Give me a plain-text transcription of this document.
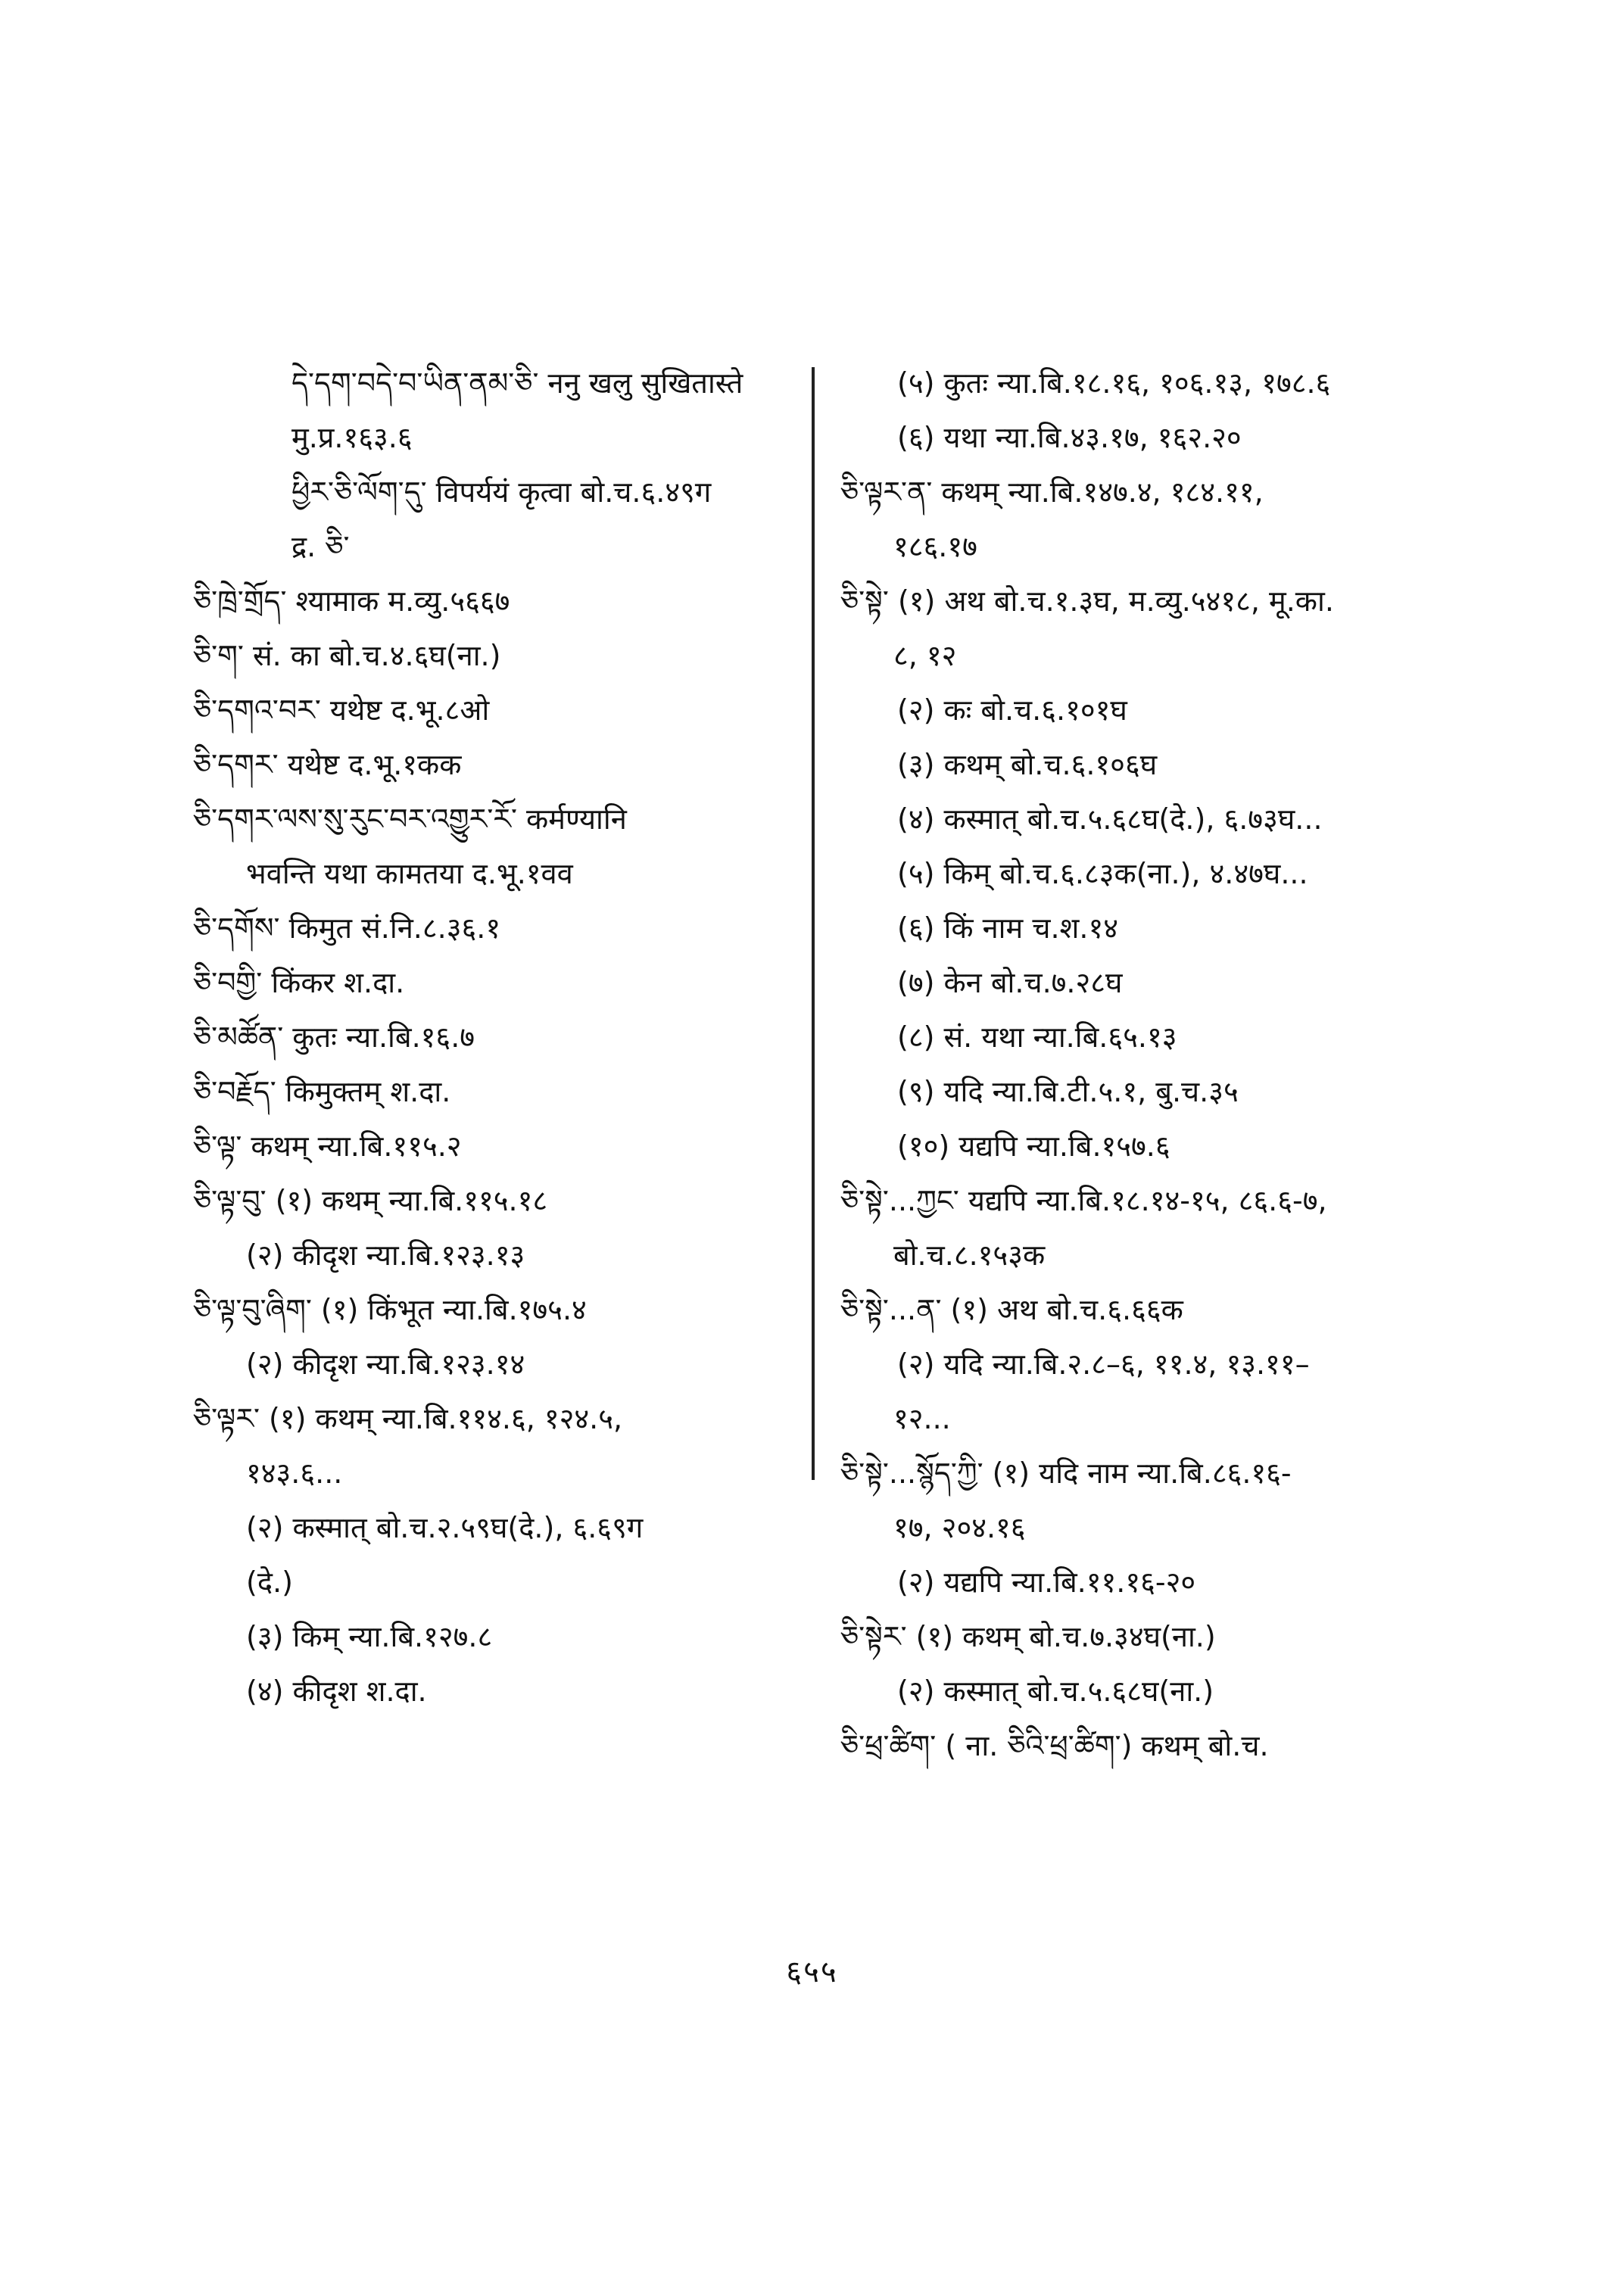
དེ་དག་བདེ་བ་ཡིན་ནམ་ཅི་ ननु खलु सुखितास्ते
मु.प्र.१६३.६
ཕྱིར་ཅི་ལོག་དུ་ विपर्ययं कृत्वा बो.च.६.४९ग
द्र. ཅི་
ཅི་ཁྲེ་གྲོད་ श्यामाक म.व्यु.५६६७
ཅི་ག་ सं. का बो.च.४.६घ(ना.)
ཅི་དགའ་བར་ यथेष्ट द.भू.८ओ
ཅི་དགར་ यथेष्ट द.भू.१कक
ཅི་དགར་ལས་སུ་རུང་བར་འགྱུར་རོ་ कर्मण्यानि
भवन्ति यथा कामतया द.भू.१वव
ཅི་དགོས་ किमुत सं.नि.८.३६.१
ཅི་བགྱི་ किंकर श.दा.
ཅི་མཚོན་ कुतः न्या.बि.१६.७
ཅི་བརྗོད་ किमुक्तम् श.दा.
ཅི་ལྟ་ कथम् न्या.बि.११५.२
ཅི་ལྟ་བུ་ (१) कथम् न्या.बि.११५.१८
(२) कीदृश न्या.बि.१२३.१३
ཅི་ལྟ་བུ་ཞིག་ (१) किंभूत न्या.बि.१७५.४
(२) कीदृश न्या.बि.१२३.१४
ཅི་ལྟར་ (१) कथम् न्या.बि.११४.६, १२४.५,
१४३.६...
(२) कस्मात् बो.च.२.५९घ(दे.), ६.६९ग
(दे.)
(३) किम् न्या.बि.१२७.८
(४) कीदृश श.दा.
(५) कुतः न्या.बि.१८.१६, १०६.१३, १७८.६
(६) यथा न्या.बि.४३.१७, १६२.२०
ཅི་ལྟར་ན་ कथम् न्या.बि.१४७.४, १८४.११,
१८६.१७
ཅི་སྟེ་ (१) अथ बो.च.१.३घ, म.व्यु.५४१८, मू.का.
८, १२
(२) कः बो.च.६.१०१घ
(३) कथम् बो.च.६.१०६घ
(४) कस्मात् बो.च.५.६८घ(दे.), ६.७३घ...
(५) किम् बो.च.६.८३क(ना.), ४.४७घ...
(६) किं नाम च.श.१४
(७) केन बो.च.७.२८घ
(८) सं. यथा न्या.बि.६५.१३
(९) यदि न्या.बि.टी.५.१, बु.च.३५
(१०) यद्यपि न्या.बि.१५७.६
ཅི་སྟེ་...ཀྱང་ यद्यपि न्या.बि.१८.१४-१५, ८६.६-७,
बो.च.८.१५३क
ཅི་སྟེ་...ན་ (१) अथ बो.च.६.६६क
(२) यदि न्या.बि.२.८–६, ११.४, १३.११–
१२...
ཅི་སྟེ་...སྙོད་ཀྱི་ (१) यदि नाम न्या.बि.८६.१६-
१७, २०४.१६
(२) यद्यपि न्या.बि.११.१६-२०
ཅི་སྟེར་ (१) कथम् बो.च.७.३४घ(ना.)
(२) कस्मात् बो.च.५.६८घ(ना.)
ཅི་ཕྲ་ཚིག་ ( ना. ཅིའི་ཕྲ་ཚིག་) कथम् बो.च.
६५५
